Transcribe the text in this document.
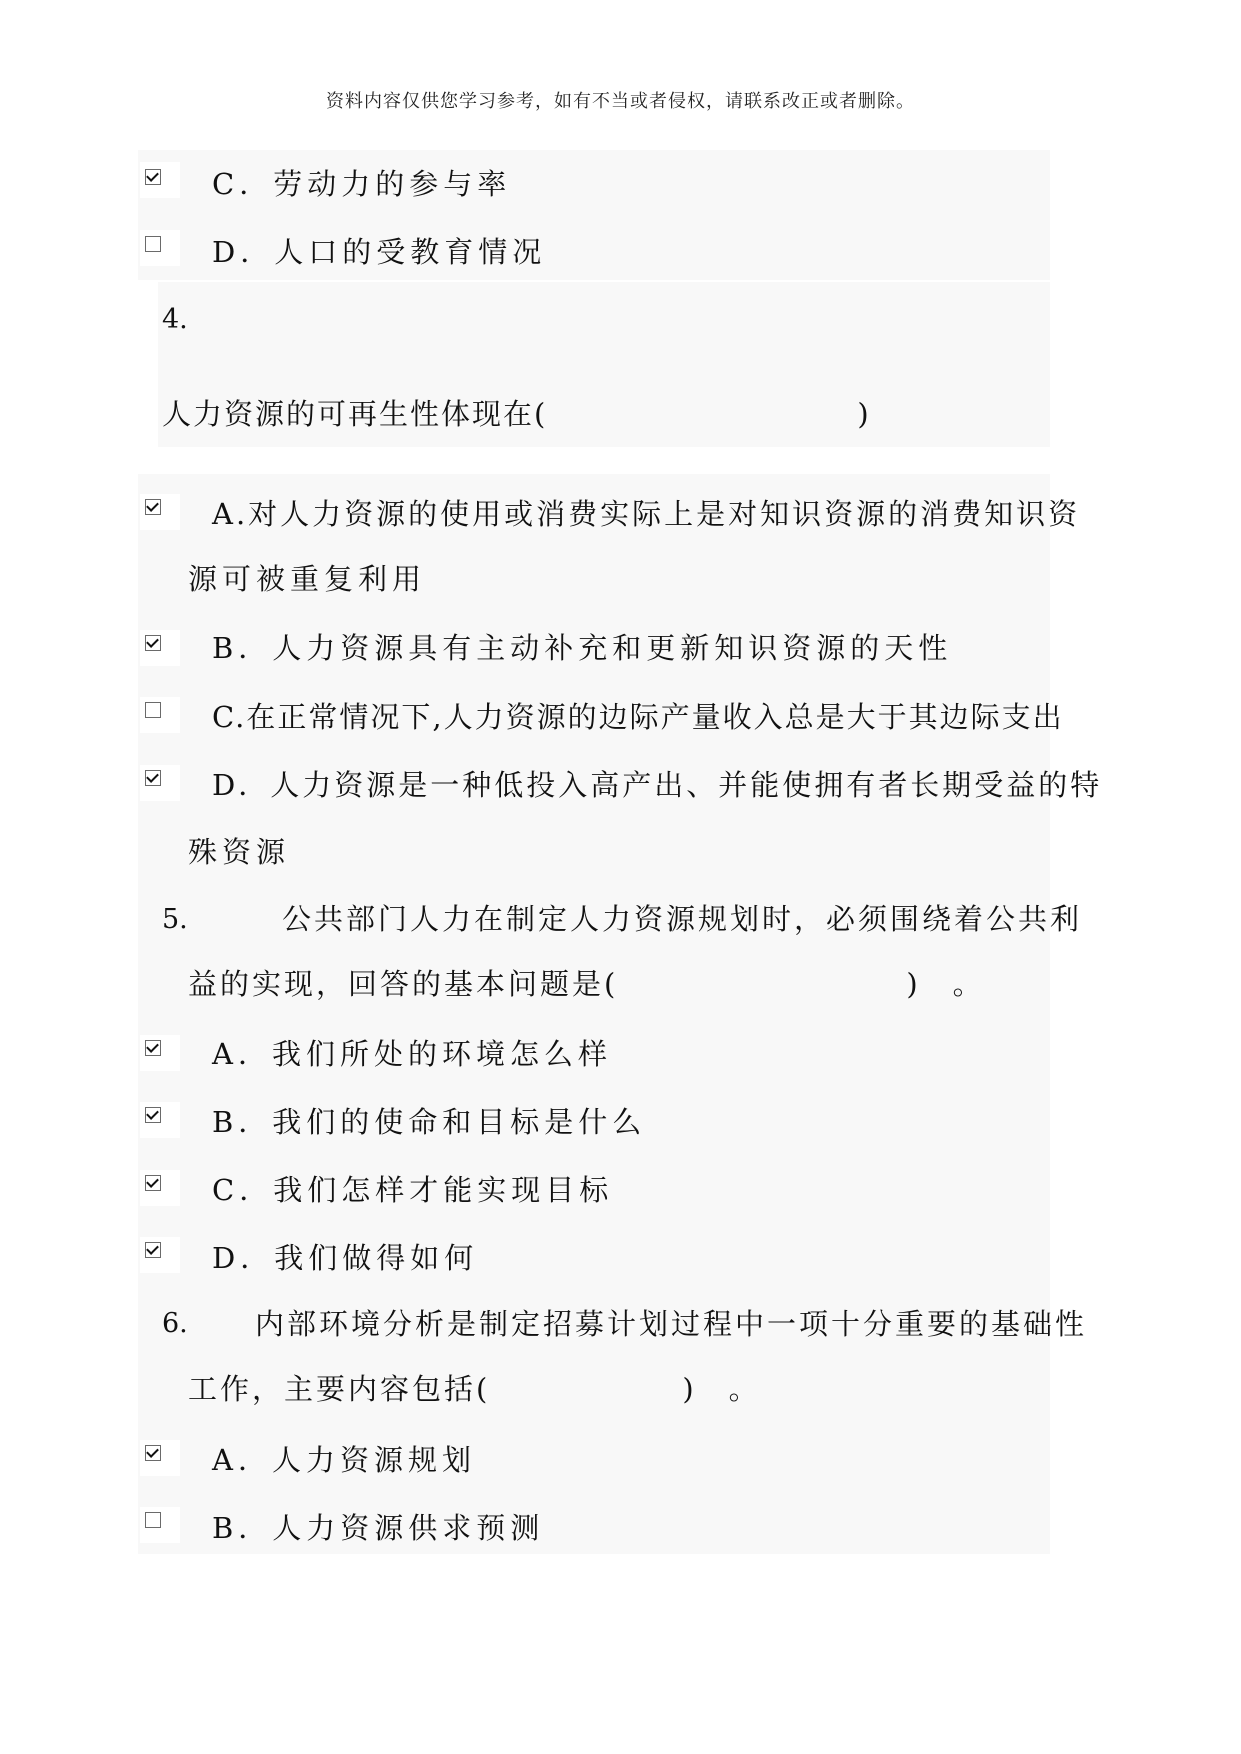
资料内容仅供您学习参考，如有不当或者侵权，请联系改正或者删除。
C．劳动力的参与率
D．人口的受教育情况
4.
人力资源的可再生性体现在(　　　　　　　　　　)
A.对人力资源的使用或消费实际上是对知识资源的消费知识资
源可被重复利用
B．人力资源具有主动补充和更新知识资源的天性
C.在正常情况下,人力资源的边际产量收入总是大于其边际支出
D．人力资源是一种低投入高产出、并能使拥有者长期受益的特
殊资源
5.	公共部门人力在制定人力资源规划时，必须围绕着公共利
益的实现，回答的基本问题是(　　　　　　　　　)　。
A．我们所处的环境怎么样
B．我们的使命和目标是什么
C．我们怎样才能实现目标
D．我们做得如何
6. 内部环境分析是制定招募计划过程中一项十分重要的基础性
工作，主要内容包括(　　　　　　)　。
A．人力资源规划
B．人力资源供求预测
